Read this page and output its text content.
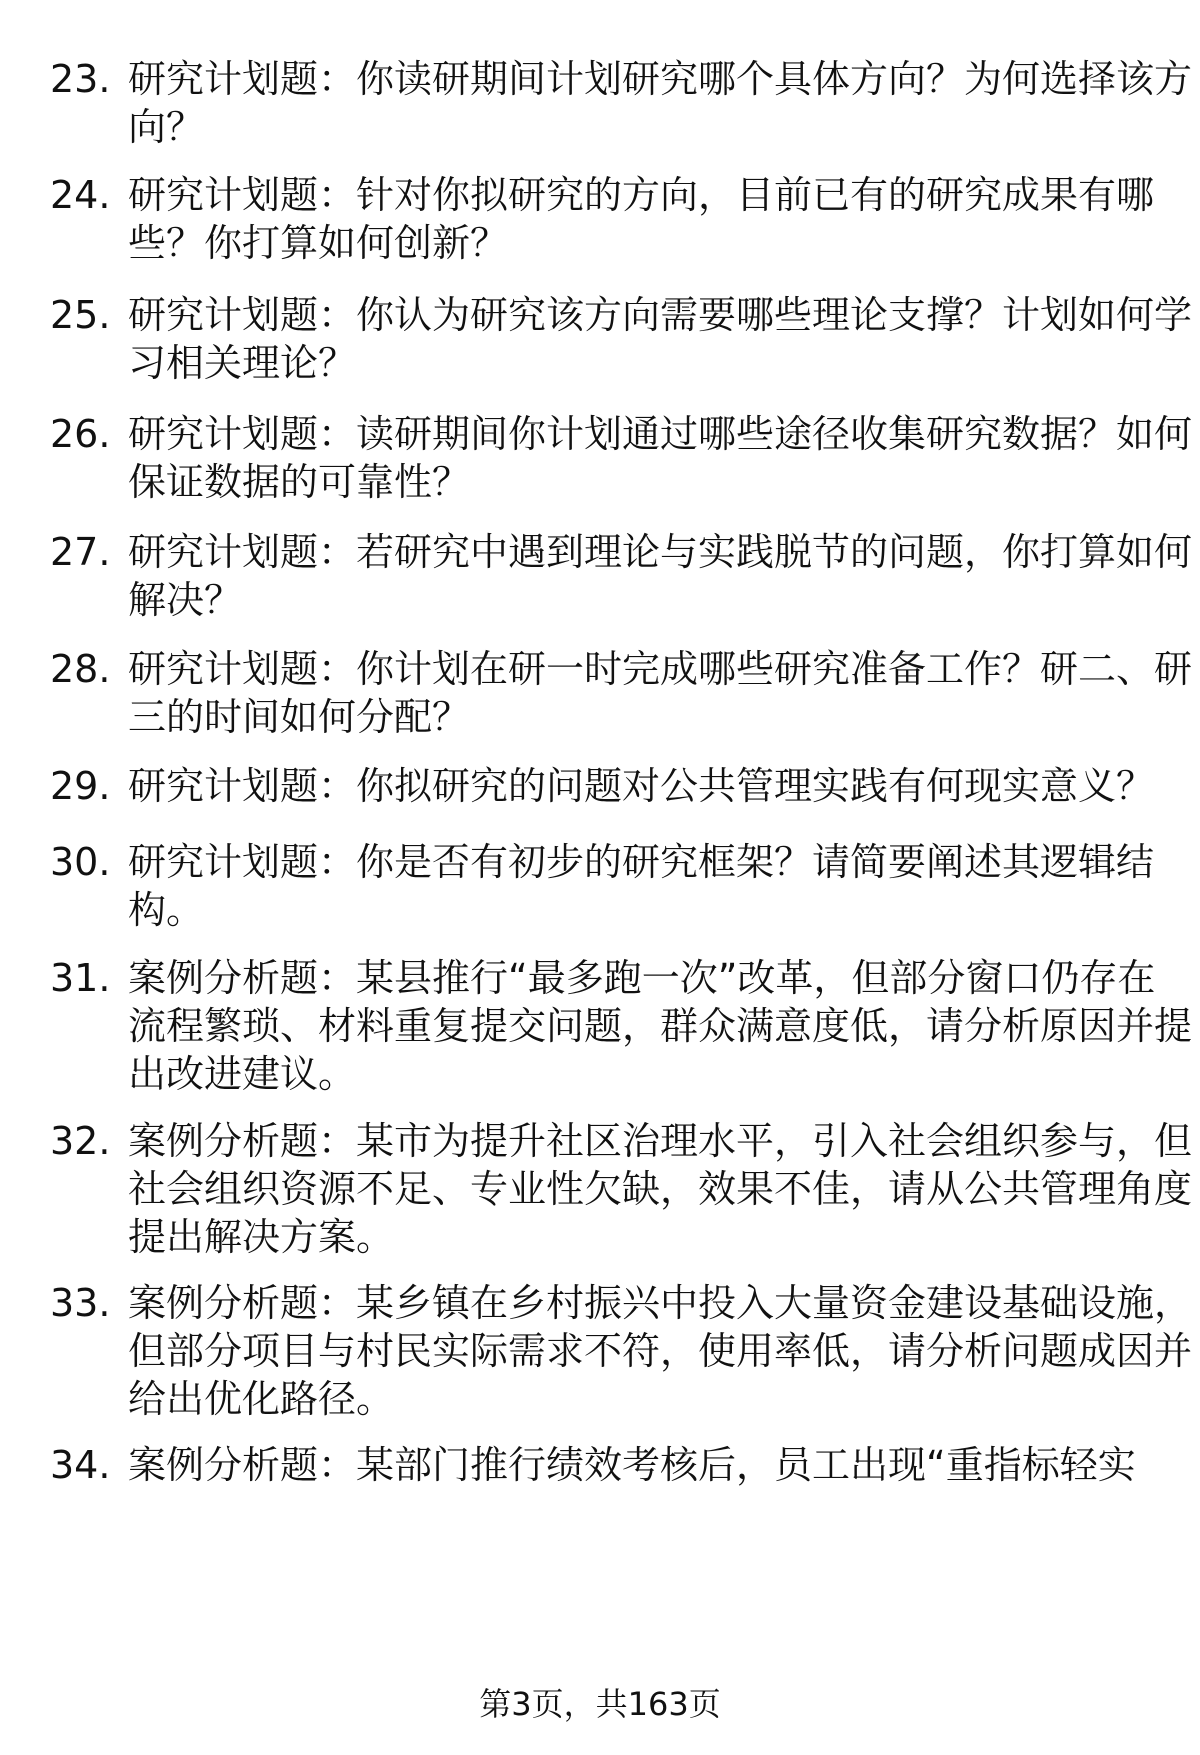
23. 研究计划题：你读研期间计划研究哪个具体方向？为何选择该方
向？
24. 研究计划题：针对你拟研究的方向，目前已有的研究成果有哪
些？你打算如何创新？
25. 研究计划题：你认为研究该方向需要哪些理论支撑？计划如何学
习相关理论？
26. 研究计划题：读研期间你计划通过哪些途径收集研究数据？如何
保证数据的可靠性？
27. 研究计划题：若研究中遇到理论与实践脱节的问题，你打算如何
解决？
28. 研究计划题：你计划在研一时完成哪些研究准备工作？研二、研
三的时间如何分配？
29. 研究计划题：你拟研究的问题对公共管理实践有何现实意义？
30. 研究计划题：你是否有初步的研究框架？请简要阐述其逻辑结
构。
31. 案例分析题：某县推行“最多跑一次”改革，但部分窗口仍存在
流程繁琐、材料重复提交问题，群众满意度低，请分析原因并提
出改进建议。
32. 案例分析题：某市为提升社区治理水平，引入社会组织参与，但
社会组织资源不足、专业性欠缺，效果不佳，请从公共管理角度
提出解决方案。
33. 案例分析题：某乡镇在乡村振兴中投入大量资金建设基础设施，
但部分项目与村民实际需求不符，使用率低，请分析问题成因并
给出优化路径。
34. 案例分析题：某部门推行绩效考核后，员工出现“重指标轻实
第3页，共163页
